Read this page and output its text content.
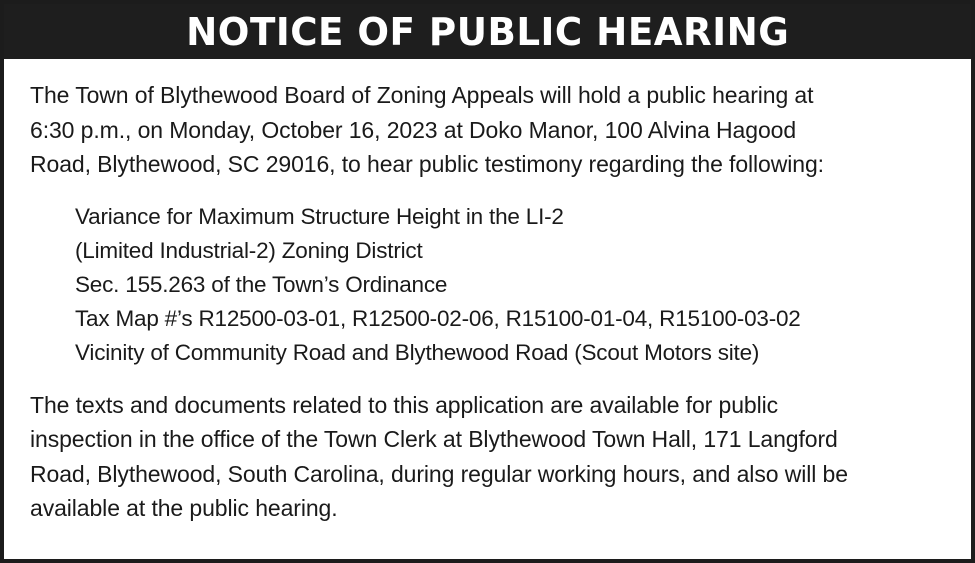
NOTICE OF PUBLIC HEARING

The Town of Blythewood Board of Zoning Appeals will hold a public hearing at
6:30 p.m., on Monday, October 16, 2023 at Doko Manor, 100 Alvina Hagood
Road, Blythewood, SC 29016, to hear public testimony regarding the following:

Variance for Maximum Structure Height in the LI-2
(Limited Industrial-2) Zoning District
Sec. 155.263 of the Town’s Ordinance
Tax Map #’s R12500-03-01, R12500-02-06, R15100-01-04, R15100-03-02
Vicinity of Community Road and Blythewood Road (Scout Motors site)

The texts and documents related to this application are available for public
inspection in the office of the Town Clerk at Blythewood Town Hall, 171 Langford
Road, Blythewood, South Carolina, during regular working hours, and also will be
available at the public hearing.
